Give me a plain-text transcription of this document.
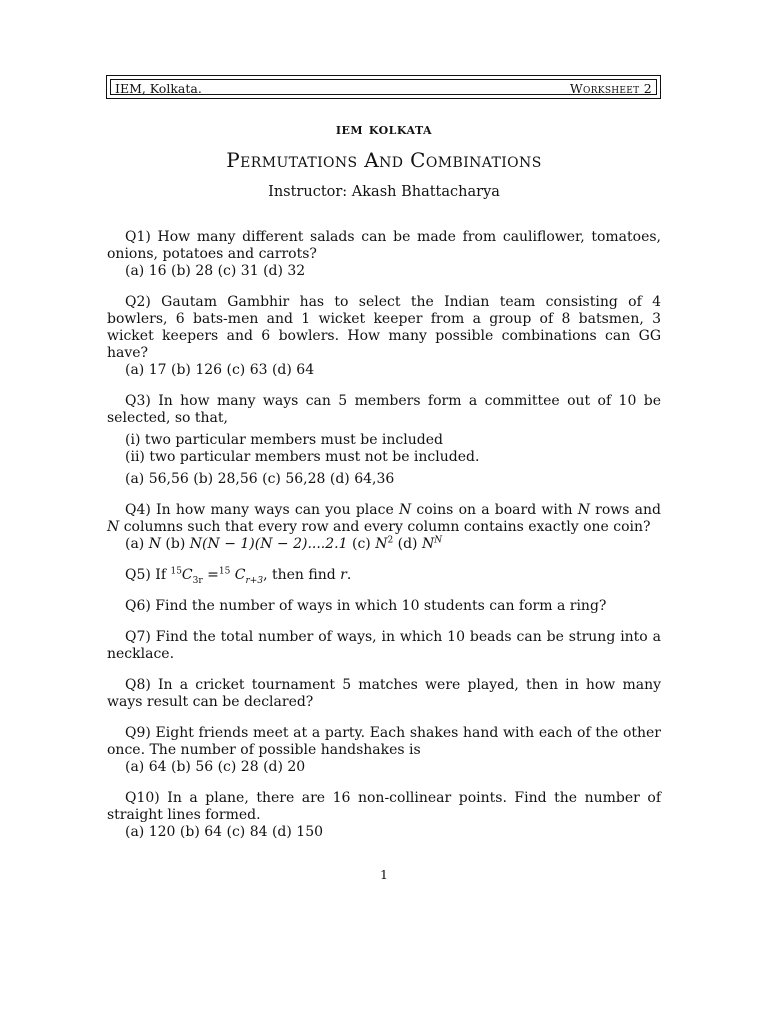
IEM, Kolkata.	Worksheet 2
iem kolkata
Permutations And Combinations
Instructor: Akash Bhattacharya

Q1) How many different salads can be made from cauliflower, tomatoes, onions, potatoes and carrots?

(a) 16 (b) 28 (c) 31 (d) 32

Q2) Gautam Gambhir has to select the Indian team consisting of 4 bowlers, 6 bats-men and 1 wicket keeper from a group of 8 batsmen, 3 wicket keepers and 6 bowlers. How many possible combinations can GG have?

(a) 17 (b) 126 (c) 63 (d) 64

Q3) In how many ways can 5 members form a committee out of 10 be selected, so that,

(i) two particular members must be included
(ii) two particular members must not be included.
(a) 56,56 (b) 28,56 (c) 56,28 (d) 64,36

Q4) In how many ways can you place N coins on a board with N rows and N columns such that every row and every column contains exactly one coin?

(a) N (b) N(N − 1)(N − 2)....2.1 (c) $N^2$ (d) $N^N$

Q5) If $^{15}C_{3r} =^{15}$ $C_{r+3}$, then find r.

Q6) Find the number of ways in which 10 students can form a ring?

Q7) Find the total number of ways, in which 10 beads can be strung into a necklace.

Q8) In a cricket tournament 5 matches were played, then in how many ways result can be declared?

Q9) Eight friends meet at a party. Each shakes hand with each of the other once. The number of possible handshakes is

(a) 64 (b) 56 (c) 28 (d) 20

Q10) In a plane, there are 16 non-collinear points. Find the number of straight lines formed.

(a) 120 (b) 64 (c) 84 (d) 150
1
